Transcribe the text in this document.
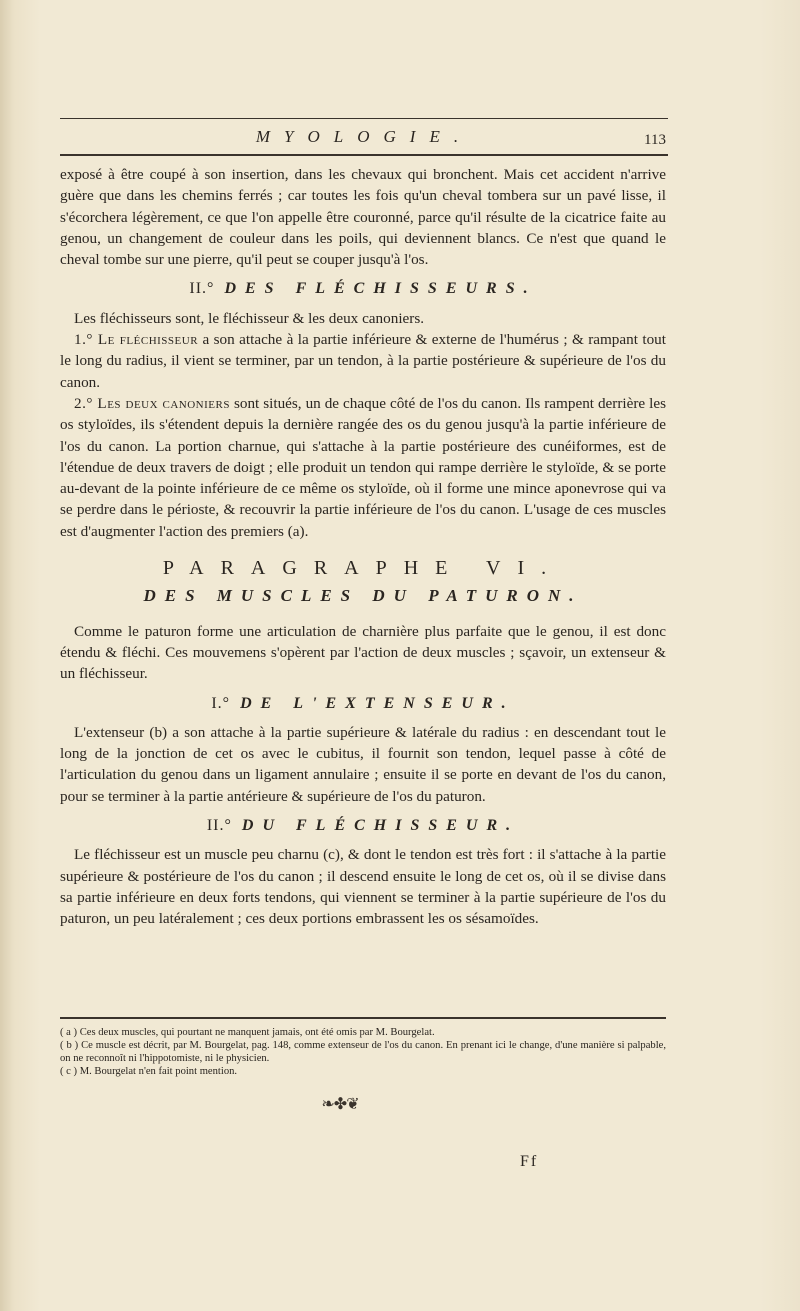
MYOLOGIE.	113

exposé à être coupé à son insertion, dans les chevaux qui bronchent. Mais cet accident n'arrive guère que dans les chemins ferrés ; car toutes les fois qu'un cheval tombera sur un pavé lisse, il s'écorchera légèrement, ce que l'on appelle être couronné, parce qu'il résulte de la cicatrice faite au genou, un changement de couleur dans les poils, qui deviennent blancs. Ce n'est que quand le cheval tombe sur une pierre, qu'il peut se couper jusqu'à l'os.

II.° DES FLÉCHISSEURS.

Les fléchisseurs sont, le fléchisseur & les deux canoniers.

1.° Le fléchisseur a son attache à la partie inférieure & externe de l'humérus ; & rampant tout le long du radius, il vient se terminer, par un tendon, à la partie postérieure & supérieure de l'os du canon.

2.° Les deux canoniers sont situés, un de chaque côté de l'os du canon. Ils rampent derrière les os styloïdes, ils s'étendent depuis la dernière rangée des os du genou jusqu'à la partie inférieure de l'os du canon. La portion charnue, qui s'attache à la partie postérieure des cunéiformes, est de l'étendue de deux travers de doigt ; elle produit un tendon qui rampe derrière le styloïde, & se porte au-devant de la pointe inférieure de ce même os styloïde, où il forme une mince aponevrose qui va se perdre dans le périoste, & recouvrir la partie inférieure de l'os du canon. L'usage de ces muscles est d'augmenter l'action des premiers (a).

PARAGRAPHE VI.
DES MUSCLES DU PATURON.

Comme le paturon forme une articulation de charnière plus parfaite que le genou, il est donc étendu & fléchi. Ces mouvemens s'opèrent par l'action de deux muscles ; sçavoir, un extenseur & un fléchisseur.

I.° DE L'EXTENSEUR.

L'extenseur (b) a son attache à la partie supérieure & latérale du radius : en descendant tout le long de la jonction de cet os avec le cubitus, il fournit son tendon, lequel passe à côté de l'articulation du genou dans un ligament annulaire ; ensuite il se porte en devant de l'os du canon, pour se terminer à la partie antérieure & supérieure de l'os du paturon.

II.° DU FLÉCHISSEUR.

Le fléchisseur est un muscle peu charnu (c), & dont le tendon est très fort : il s'attache à la partie supérieure & postérieure de l'os du canon ; il descend ensuite le long de cet os, où il se divise dans sa partie inférieure en deux forts tendons, qui viennent se terminer à la partie supérieure de l'os du paturon, un peu latéralement ; ces deux portions embrassent les os sésamoïdes.

( a ) Ces deux muscles, qui pourtant ne manquent jamais, ont été omis par M. Bourgelat.

( b ) Ce muscle est décrit, par M. Bourgelat, pag. 148, comme extenseur de l'os du canon. En prenant ici le change, d'une manière si palpable, on ne reconnoît ni l'hippotomiste, ni le physicien.

( c ) M. Bourgelat n'en fait point mention.

❧✤❦
Ff
